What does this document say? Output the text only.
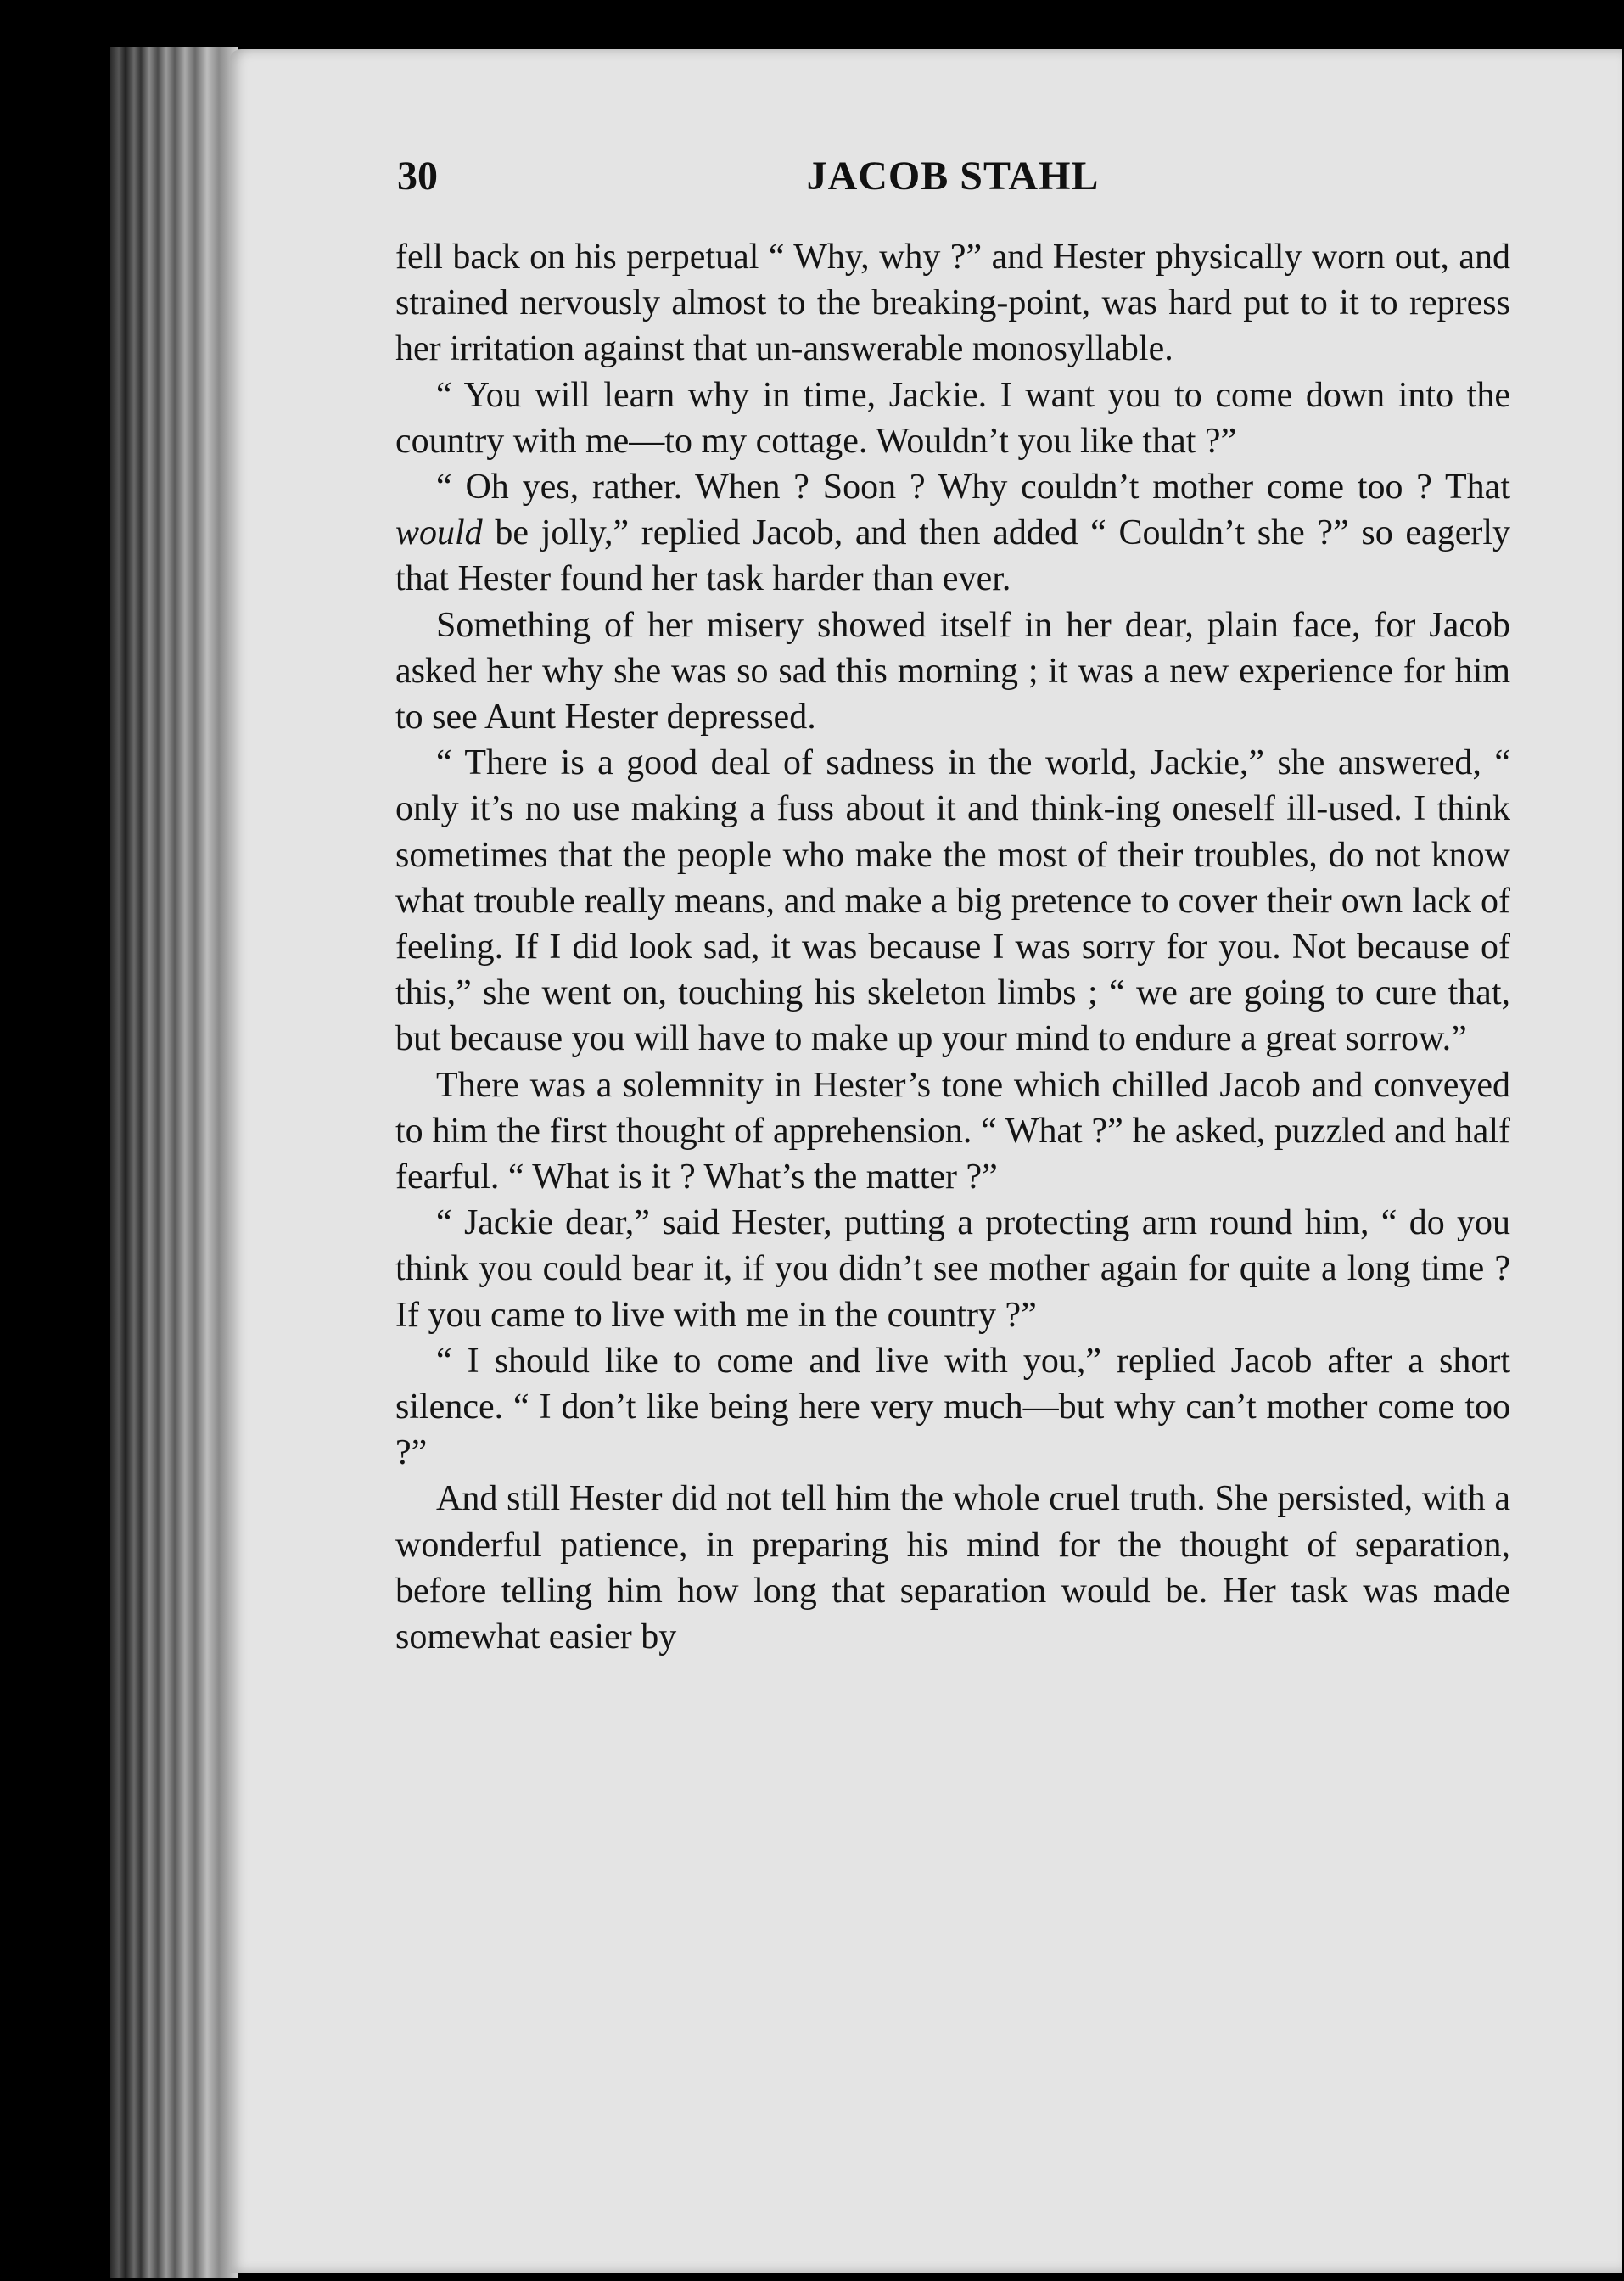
30	JACOB STAHL

fell back on his perpetual “ Why, why ?” and Hester physically worn out, and strained nervously almost to the breaking-point, was hard put to it to repress her irritation against that un-answerable monosyllable.

“ You will learn why in time, Jackie. I want you to come down into the country with me—to my cottage. Wouldn’t you like that ?”

“ Oh yes, rather. When ? Soon ? Why couldn’t mother come too ? That would be jolly,” replied Jacob, and then added “ Couldn’t she ?” so eagerly that Hester found her task harder than ever.

Something of her misery showed itself in her dear, plain face, for Jacob asked her why she was so sad this morning ; it was a new experience for him to see Aunt Hester depressed.

“ There is a good deal of sadness in the world, Jackie,” she answered, “ only it’s no use making a fuss about it and think-ing oneself ill-used. I think sometimes that the people who make the most of their troubles, do not know what trouble really means, and make a big pretence to cover their own lack of feeling. If I did look sad, it was because I was sorry for you. Not because of this,” she went on, touching his skeleton limbs ; “ we are going to cure that, but because you will have to make up your mind to endure a great sorrow.”

There was a solemnity in Hester’s tone which chilled Jacob and conveyed to him the first thought of apprehension. “ What ?” he asked, puzzled and half fearful. “ What is it ? What’s the matter ?”

“ Jackie dear,” said Hester, putting a protecting arm round him, “ do you think you could bear it, if you didn’t see mother again for quite a long time ? If you came to live with me in the country ?”

“ I should like to come and live with you,” replied Jacob after a short silence. “ I don’t like being here very much—but why can’t mother come too ?”

And still Hester did not tell him the whole cruel truth. She persisted, with a wonderful patience, in preparing his mind for the thought of separation, before telling him how long that separation would be. Her task was made somewhat easier by
